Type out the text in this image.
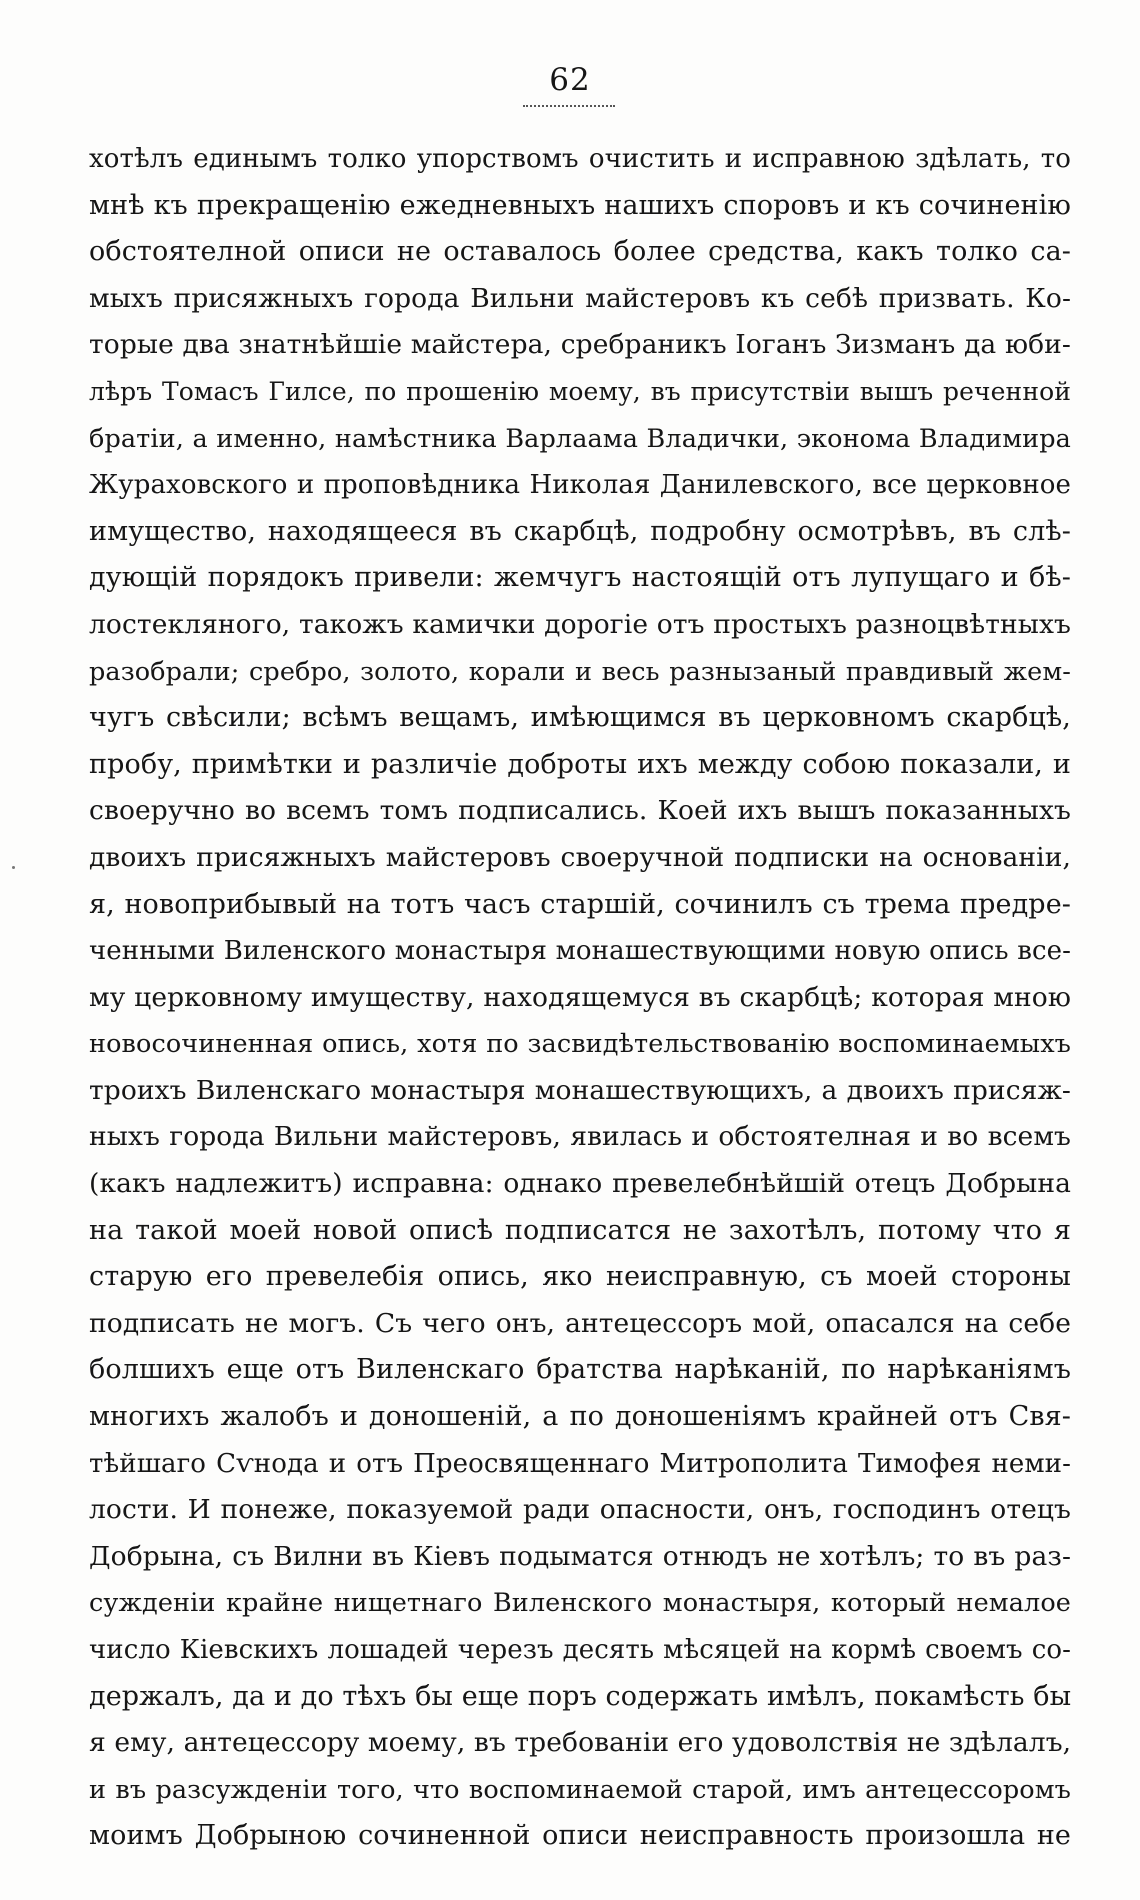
62
хотѣлъ единымъ толко упорствомъ очистить и исправною здѣлать, то
мнѣ къ прекращенію ежедневныхъ нашихъ споровъ и къ сочиненію
обстоятелной описи не оставалось более средства, какъ толко са-
мыхъ присяжныхъ города Вильни майстеровъ къ себѣ призвать. Ко-
торые два знатнѣйшіе майстера, сребраникъ Іоганъ Зизманъ да юби-
лѣръ Томасъ Гилсе, по прошенію моему, въ присутствіи вышъ реченной
братіи, а именно, намѣстника Варлаама Владички, эконома Владимира
Жураховского и проповѣдника Николая Данилевского, все церковное
имущество, находящееся въ скарбцѣ, подробну осмотрѣвъ, въ слѣ-
дующій порядокъ привели: жемчугъ настоящій отъ лупущаго и бѣ-
лостекляного, такожъ камички дорогіе отъ простыхъ разноцвѣтныхъ
разобрали; сребро, золото, корали и весь разнызаный правдивый жем-
чугъ свѣсили; всѣмъ вещамъ, имѣющимся въ церковномъ скарбцѣ,
пробу, примѣтки и различіе доброты ихъ между собою показали, и
своеручно во всемъ томъ подписались. Коей ихъ вышъ показанныхъ
двоихъ присяжныхъ майстеровъ своеручной подписки на основаніи,
я, новоприбывый на тотъ часъ старшій, сочинилъ съ трема предре-
ченными Виленского монастыря монашествующими новую опись все-
му церковному имуществу, находящемуся въ скарбцѣ; которая мною
новосочиненная опись, хотя по засвидѣтельствованію воспоминаемыхъ
троихъ Виленскаго монастыря монашествующихъ, а двоихъ присяж-
ныхъ города Вильни майстеровъ, явилась и обстоятелная и во всемъ
(какъ надлежитъ) исправна: однако превелебнѣйшій отецъ Добрына
на такой моей новой описѣ подписатся не захотѣлъ, потому что я
старую его превелебія опись, яко неисправную, съ моей стороны
подписать не могъ. Съ чего онъ, антецессоръ мой, опасался на себе
болшихъ еще отъ Виленскаго братства нарѣканій, по нарѣканіямъ
многихъ жалобъ и доношеній, а по доношеніямъ крайней отъ Свя-
тѣйшаго Сѵнода и отъ Преосвященнаго Митрополита Тимофея неми-
лости. И понеже, показуемой ради опасности, онъ, господинъ отецъ
Добрына, съ Вилни въ Кіевъ подыматся отнюдъ не хотѣлъ; то въ раз-
сужденіи крайне нищетнаго Виленского монастыря, который немалое
число Кіевскихъ лошадей черезъ десять мѣсяцей на кормѣ своемъ со-
держалъ, да и до тѣхъ бы еще поръ содержать имѣлъ, покамѣсть бы
я ему, антецессору моему, въ требованіи его удоволствія не здѣлалъ,
и въ разсужденіи того, что воспоминаемой старой, имъ антецессоромъ
моимъ Добрыною сочиненной описи неисправность произошла не
